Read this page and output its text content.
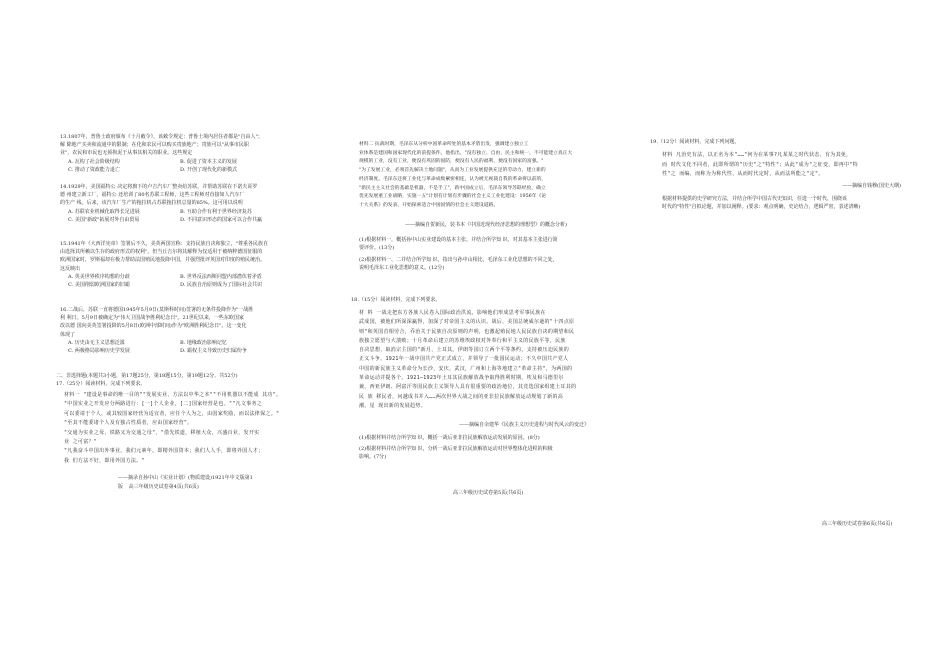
13.1807年，普鲁士政府颁布《十月敕令》，该敕令规定：普鲁士境内居住者都是"自由人"；
解 除地产买卖和流通中的限制；在化和农民可以购买贵族地产；贵族可以"从事市民职
业"，农民和市民也无须拘泥于从事其相关的职业。这些规定
A. 瓦构了社会阶级结构	B. 促进了资本主义的发展
C. 推动了资政能力退亡	D. 开创了现代化的新模式
14.1929年，美国福特公 决定将旗下的卢吉汽车厂整卖给苏联，并帮助苏联在下诺夫哥罗
德 州建立新工厂，福特公 还培训了80名苏联工程师，这些工程师对直接如人汽车厂
的生产 线。后来，该汽车厂生产的拖拉机占苏联拖拉机总量的85%。这可用以说明
A. 苏联农业机械化取得长足进展	B. 互助合作有利于世界经济复苏
C. 美国"新政"拓展对外自由贸易	D. 不同意识形态的国家可以合作共赢
15.1941年《大西洋宪章》签署后不久，美英两国宣称：支持民族自决和独立，"尊重各民族自
由选择其所赖以生存的政府形式的权利"。但当丘吉尔将其解释为仅适用于被纳粹德国征服的
欧洲国家时，罗斯福却在极力帮助法国殖民地投降中国，并强烈批评英国对印度的殖民统治。
这反映出
A. 英美世界秩序构想的分歧	B. 世界反法西斯同盟内部潜伏着矛盾
C. 美国削弱欧洲国家的旧霸	D. 民族自治原则成为了国际社会共识
16.二战后，苏联一直将德国1945年5月9日(莫斯科时间)签署的无条件投降作为"一战胜
利 利日。5月9日被确定为"伟大卫国战争胜利纪念日"。21世纪以来，一些东欧国家
改以德 国向美英签署投降的5月8日(欧洲中部时间)作为"欧洲胜利纪念日"。这一变化
体现了
A. 历史由无主义思想泛滥	B. 地缘政治影响记忆
C. 两极格局影响历史学发展	D. 霸权主义导致历史归属纷争
二、非选择题(本题共3小题，第17题25分，第18题15分，第19题12分，共52分)
17.（25分）阅读材料，完成下列要求。
材料一 "建设是事命的唯一目的""发展实业，方法以中华之本""不用机器以不能成 其功"。
"中国实业之开发应分两路进行：[一]个人企业，[二]国家经营是也。""凡文事务之
可以委请于个人，或其较国家经营为适宜者，应任个人为之，由国家奖励，而以法律保之。"
"至其不能委诸个人及有独占性质者，应由国家经营"。
"交通为实业之母，铁路又为交通之母"，"借先铁道，移植大众，兴盛百业，发开实
业 之可富？"
"凡我奋斗中国出外事业，我们元素年。即精外国资本；我们人人手，即将外国人才；
我 们方法不好，即用外国方法。"
——摘录自孙中山《实业计划》(物质建设)1921年中文版第1
版 高三年级历史试卷第4页(共6页)
材料二 抗战时期，毛泽东从分析中国革命所处的基本矛盾出发，强调建立独立工
业体系是建国和国家现代化的前提条件。他指出，"没有独立、自由、民主和统一，不可能建立真正大
规模的工业，没有工业，便没有巩固的国防，便没有人民的福利，便没有国家的富强。"
"为了发展工业，必须首先解决土地问题"，从而为工业发展提供充足的劳动力，建立新的
经济制度。毛泽东还将工业化与革命成败紧密相连，认为被无视裁自我的革命将以前的，
"新民主主义社会的基础是机器，不是手工"，新中国成立后，毛泽东领导苏联经验，确立
优先发展重工业战略，实施一五"计划有计划有步骤的社会主义工业化建设：1956年《论
十大关系》的发表，开始探索适合中国国情的社会主义建设道路。
——摘编自贺新民，装书本《中国近现代经济思想的理想型》的概念分析)
(1)根据材料一，概括孙中山实业建设的基本主张，并结合所学知 识，对其基本主张进行简
要评价。(13分)
(2)根据材料一、二并结合所学知 识，指出与孙中山相比，毛泽东工业化思想的不同之处，
说明毛泽东工业化思想的意义。(12分)
18.（15分）阅读材料，完成下列要求。
材 料 一战走把东方各族人民卷入国际政治洪流，影响他们形成思考军事民族在
武成国，被他们所深深赢得，加深了对帝国主义的认识。战后，美国总统威尔逊的"十四点原
则"和英国首相劳合，乔治关于民族自决原则的声明，也激起殖民地人民民族自决的期望和民
族独立愿望与大溃败；十月革命后建立的苏维埃政权对外奉行和平主义的民族平等，民族
自决思想，取消宗主国的"新月，土耳其。伊朗等国订立两个平等条约，支持被压迫民族的
正义斗争。1921年一战中国共产党正式成立，并领导了一批国民运动；不久中国共产党人
中国的新民族主义革命分为长沙，安庆，武汉，广州和上海等地建立"革命主持"，为两国的
革命运动并提各个。1921—1923年土耳其民族解放战争取得胜利时期，埃及和马德里尔
兼，西亚伊朗、阿富汗等国民族主义领导人具有很重要的政治地位，其竞选国家组建土耳其的
民 族 移民者，问越成书并入……两次世界大战之间的亚非拉民族解放运动规划了新的高
潮，星 现出新的发展趋势。
——摘编自余建华《民族主义历史进程与时代风云的变迁》
(1)根据材料并结合所学知 识，概括一战后亚非拉民族解放运动发展的原因。(8分)
(2)根据材料并结合所学知 识，分析一战后亚非拉民族解放运动对世界整体化进程的积极
影响。(7分)
高三年级历史试卷第5页(共6页)
19.（12分）阅读材料，完成下列问题。
材料 凡治史有法，以正名为本"……"何为在某事?凡某某之时代状态，有为其免，
而 时代文化不同者，此即所谓的"历史"之"特性"；从此"成为"之征变，即再中"特
性"之 而编，而称为为称代性，从而时代定时，从而法所能之"定"。
——摘编自钱穆(国史大纲)
根据材料提供的史学研究方法，并结合所学中国古代史知识，任选一个时代，围绕该
时代的"特性"自拟论题，并加以阐释。(要求：观点明确，史论结合，逻辑严密，表述清晰)
高三年级历史试卷第6页(共6页)
